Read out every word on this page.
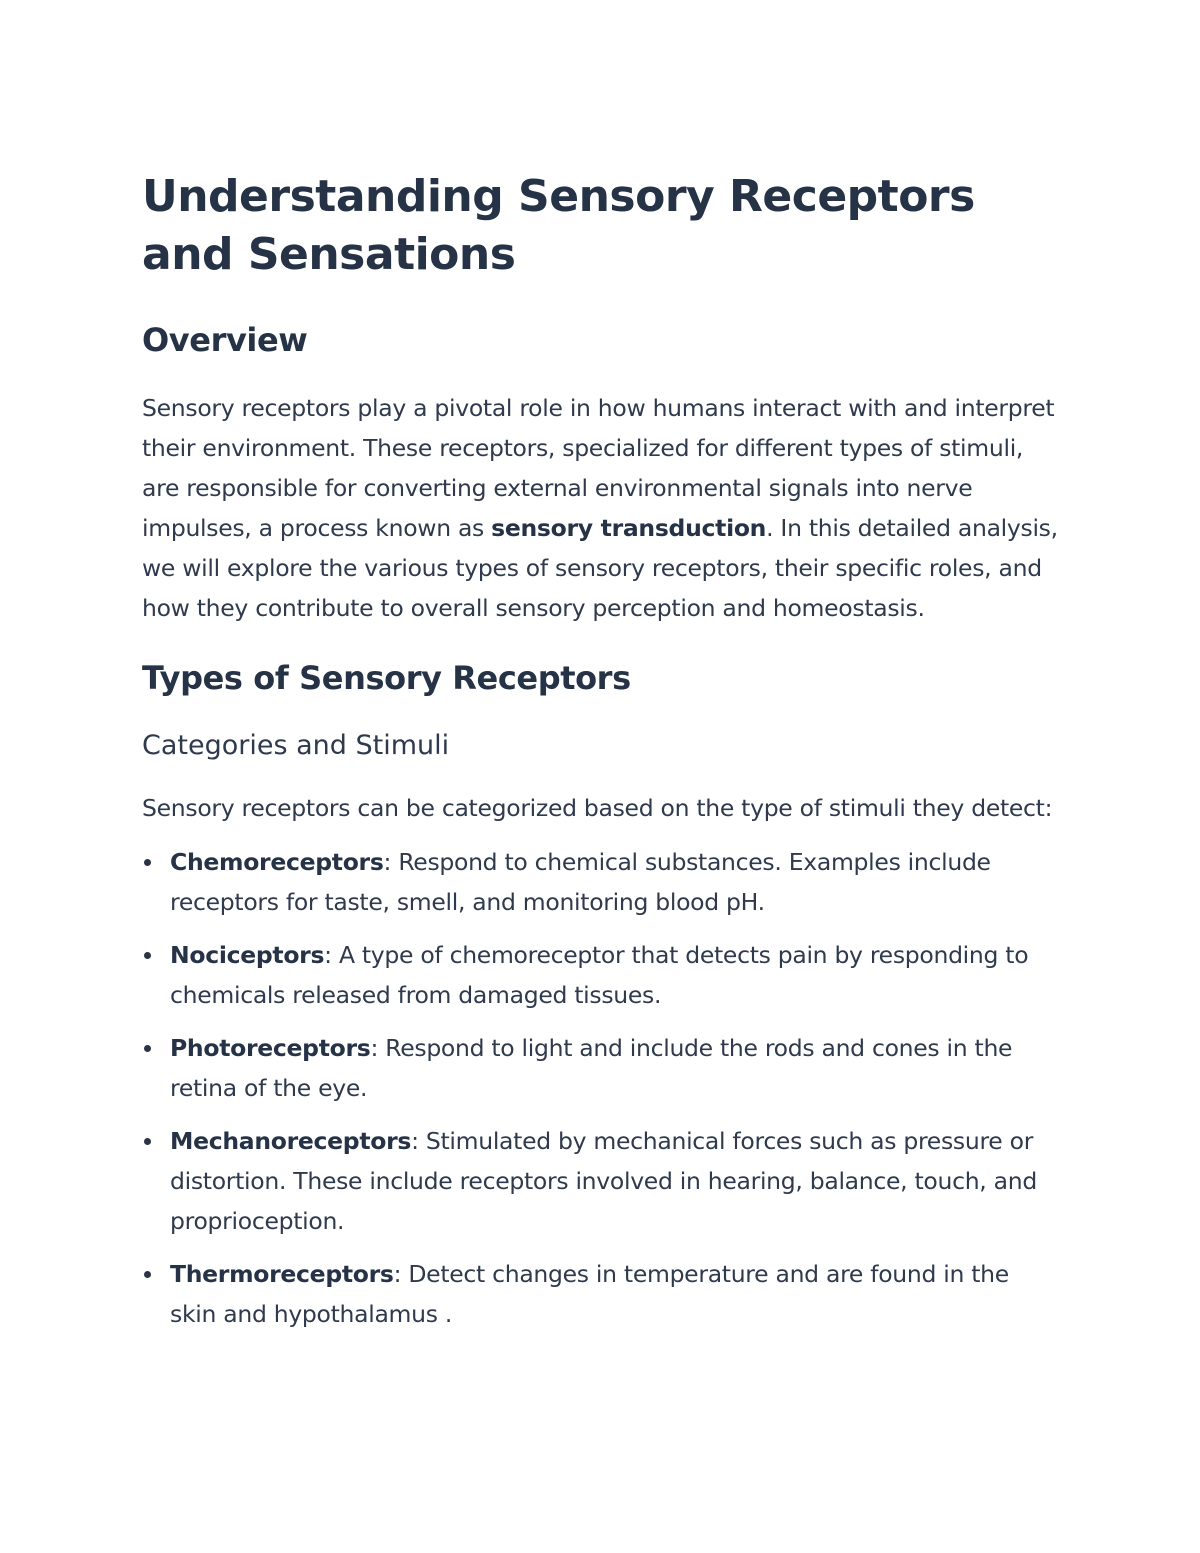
Understanding Sensory Receptors and Sensations
Overview

Sensory receptors play a pivotal role in how humans interact with and interpret their environment. These receptors, specialized for different types of stimuli, are responsible for converting external environmental signals into nerve impulses, a process known as sensory transduction. In this detailed analysis, we will explore the various types of sensory receptors, their specific roles, and how they contribute to overall sensory perception and homeostasis.

Types of Sensory Receptors
Categories and Stimuli

Sensory receptors can be categorized based on the type of stimuli they detect:

Chemoreceptors: Respond to chemical substances. Examples include receptors for taste, smell, and monitoring blood pH.
Nociceptors: A type of chemoreceptor that detects pain by responding to chemicals released from damaged tissues.
Photoreceptors: Respond to light and include the rods and cones in the retina of the eye.
Mechanoreceptors: Stimulated by mechanical forces such as pressure or distortion. These include receptors involved in hearing, balance, touch, and proprioception.
Thermoreceptors: Detect changes in temperature and are found in the skin and hypothalamus .
